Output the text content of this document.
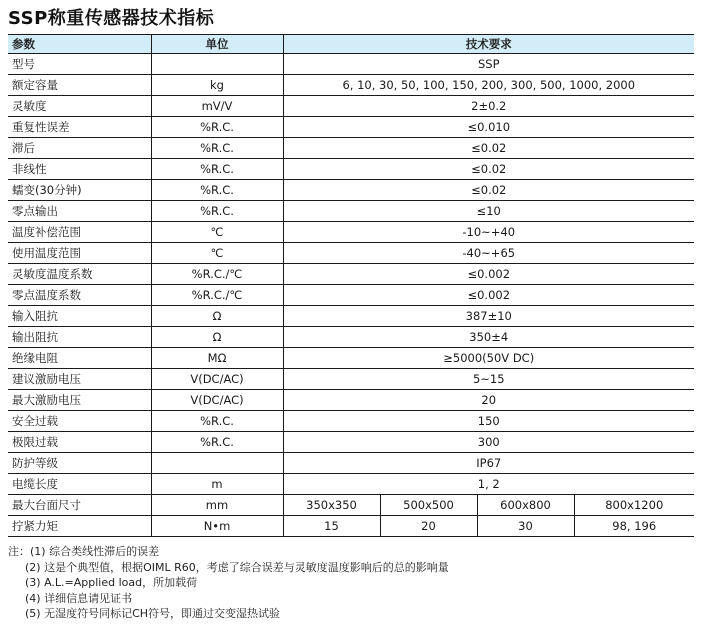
SSP称重传感器技术指标
参数	单位	技术要求			
型号		SSP			
额定容量	kg	6, 10, 30, 50, 100, 150, 200, 300, 500, 1000, 2000			
灵敏度	mV/V	2±0.2			
重复性误差	%R.C.	≤0.010			
滞后	%R.C.	≤0.02			
非线性	%R.C.	≤0.02			
蠕变(30分钟)	%R.C.	≤0.02			
零点输出	%R.C.	≤10			
温度补偿范围	℃	-10~+40			
使用温度范围	℃	-40~+65			
灵敏度温度系数	%R.C./℃	≤0.002			
零点温度系数	%R.C./℃	≤0.002			
输入阻抗	Ω	387±10			
输出阻抗	Ω	350±4			
绝缘电阻	MΩ	≥5000(50V DC)			
建议激励电压	V(DC/AC)	5~15			
最大激励电压	V(DC/AC)	20			
安全过载	%R.C.	150			
极限过载	%R.C.	300			
防护等级		IP67			
电缆长度	m	1, 2			
最大台面尺寸	mm	350x350	500x500	600x800	800x1200
拧紧力矩	N•m	15	20	30	98, 196
注：(1) 综合类线性滞后的误差
(2) 这是个典型值，根据OIML R60，考虑了综合误差与灵敏度温度影响后的总的影响量
(3) A.L.=Applied load，所加载荷
(4) 详细信息请见证书
(5) 无湿度符号同标记CH符号，即通过交变湿热试验
